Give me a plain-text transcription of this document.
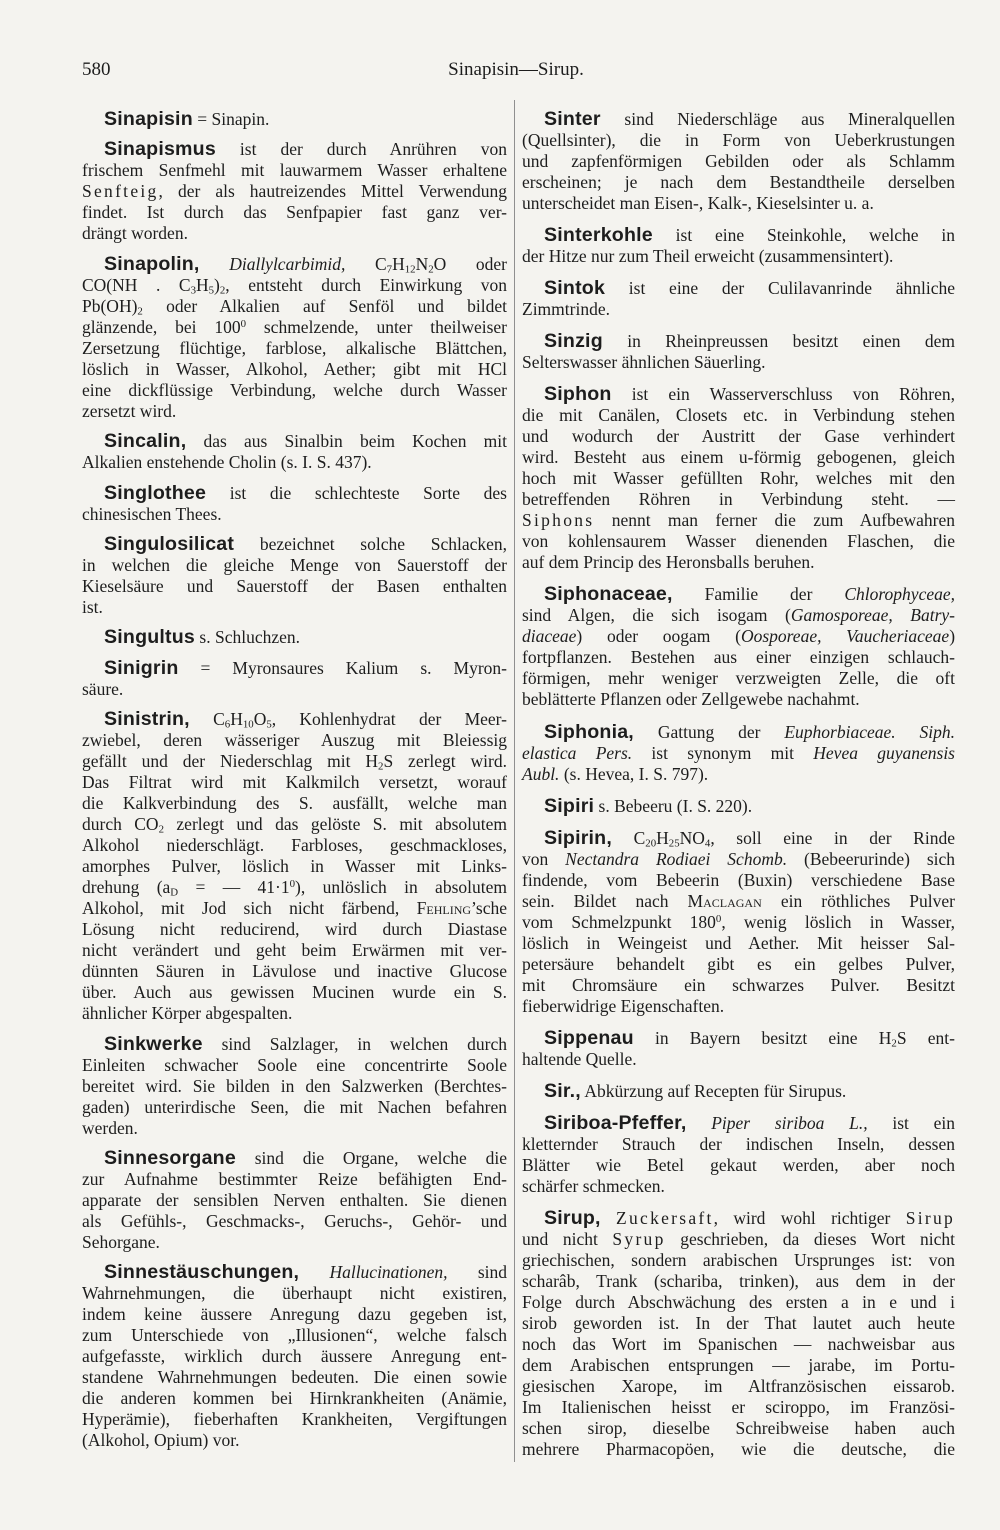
580	Sinapisin—Sirup.
Sinapisin = Sinapin.
Sinapismus ist der durch Anrühren von
frischem Senfmehl mit lauwarmem Wasser erhaltene
Senfteig, der als hautreizendes Mittel Verwendung
findet. Ist durch das Senfpapier fast ganz ver-
drängt worden.
Sinapolin, Diallylcarbimid, $C_7H_{12}N_2O$ oder
CO(NH . $C_3H_5)_2$, entsteht durch Einwirkung von
$Pb(OH)_2$ oder Alkalien auf Senföl und bildet
glänzende, bei $100^0$ schmelzende, unter theilweiser
Zersetzung flüchtige, farblose, alkalische Blättchen,
löslich in Wasser, Alkohol, Aether; gibt mit HCl
eine dickflüssige Verbindung, welche durch Wasser
zersetzt wird.
Sincalin, das aus Sinalbin beim Kochen mit
Alkalien enstehende Cholin (s. I. S. 437).
Singlothee ist die schlechteste Sorte des
chinesischen Thees.
Singulosilicat bezeichnet solche Schlacken,
in welchen die gleiche Menge von Sauerstoff der
Kieselsäure und Sauerstoff der Basen enthalten
ist.
Singultus s. Schluchzen.
Sinigrin = Myronsaures Kalium s. Myron-
säure.
Sinistrin, $C_6H_{10}O_5$, Kohlenhydrat der Meer-
zwiebel, deren wässeriger Auszug mit Bleiessig
gefällt und der Niederschlag mit $H_2S$ zerlegt wird.
Das Filtrat wird mit Kalkmilch versetzt, worauf
die Kalkverbindung des S. ausfällt, welche man
durch $CO_2$ zerlegt und das gelöste S. mit absolutem
Alkohol niederschlägt. Farbloses, geschmackloses,
amorphes Pulver, löslich in Wasser mit Links-
drehung ($a_D$ = — $41\cdot 1^0$), unlöslich in absolutem
Alkohol, mit Jod sich nicht färbend, Fehling’sche
Lösung nicht reducirend, wird durch Diastase
nicht verändert und geht beim Erwärmen mit ver-
dünnten Säuren in Lävulose und inactive Glucose
über. Auch aus gewissen Mucinen wurde ein S.
ähnlicher Körper abgespalten.
Sinkwerke sind Salzlager, in welchen durch
Einleiten schwacher Soole eine concentrirte Soole
bereitet wird. Sie bilden in den Salzwerken (Berchtes-
gaden) unterirdische Seen, die mit Nachen befahren
werden.
Sinnesorgane sind die Organe, welche die
zur Aufnahme bestimmter Reize befähigten End-
apparate der sensiblen Nerven enthalten. Sie dienen
als Gefühls-, Geschmacks-, Geruchs-, Gehör- und
Sehorgane.
Sinnestäuschungen, Hallucinationen, sind
Wahrnehmungen, die überhaupt nicht existiren,
indem keine äussere Anregung dazu gegeben ist,
zum Unterschiede von „Illusionen“, welche falsch
aufgefasste, wirklich durch äussere Anregung ent-
standene Wahrnehmungen bedeuten. Die einen sowie
die anderen kommen bei Hirnkrankheiten (Anämie,
Hyperämie), fieberhaften Krankheiten, Vergiftungen
(Alkohol, Opium) vor.
Sinter sind Niederschläge aus Mineralquellen
(Quellsinter), die in Form von Ueberkrustungen
und zapfenförmigen Gebilden oder als Schlamm
erscheinen; je nach dem Bestandtheile derselben
unterscheidet man Eisen-, Kalk-, Kieselsinter u. a.
Sinterkohle ist eine Steinkohle, welche in
der Hitze nur zum Theil erweicht (zusammensintert).
Sintok ist eine der Culilavanrinde ähnliche
Zimmtrinde.
Sinzig in Rheinpreussen besitzt einen dem
Selterswasser ähnlichen Säuerling.
Siphon ist ein Wasserverschluss von Röhren,
die mit Canälen, Closets etc. in Verbindung stehen
und wodurch der Austritt der Gase verhindert
wird. Besteht aus einem u-förmig gebogenen, gleich
hoch mit Wasser gefüllten Rohr, welches mit den
betreffenden Röhren in Verbindung steht. —
Siphons nennt man ferner die zum Aufbewahren
von kohlensaurem Wasser dienenden Flaschen, die
auf dem Princip des Heronsballs beruhen.
Siphonaceae, Familie der Chlorophyceae,
sind Algen, die sich isogam (Gamosporeae, Batry-
diaceae) oder oogam (Oosporeae, Vaucheriaceae)
fortpflanzen. Bestehen aus einer einzigen schlauch-
förmigen, mehr weniger verzweigten Zelle, die oft
beblätterte Pflanzen oder Zellgewebe nachahmt.
Siphonia, Gattung der Euphorbiaceae. Siph.
elastica Pers. ist synonym mit Hevea guyanensis
Aubl. (s. Hevea, I. S. 797).
Sipiri s. Bebeeru (I. S. 220).
Sipirin, $C_{20}H_{25}NO_4$, soll eine in der Rinde
von Nectandra Rodiaei Schomb. (Bebeerurinde) sich
findende, vom Bebeerin (Buxin) verschiedene Base
sein. Bildet nach Maclagan ein röthliches Pulver
vom Schmelzpunkt $180^0$, wenig löslich in Wasser,
löslich in Weingeist und Aether. Mit heisser Sal-
petersäure behandelt gibt es ein gelbes Pulver,
mit Chromsäure ein schwarzes Pulver. Besitzt
fieberwidrige Eigenschaften.
Sippenau in Bayern besitzt eine $H_2S$ ent-
haltende Quelle.
Sir., Abkürzung auf Recepten für Sirupus.
Siriboa-Pfeffer, Piper siriboa L., ist ein
kletternder Strauch der indischen Inseln, dessen
Blätter wie Betel gekaut werden, aber noch
schärfer schmecken.
Sirup, Zuckersaft, wird wohl richtiger Sirup
und nicht Syrup geschrieben, da dieses Wort nicht
griechischen, sondern arabischen Ursprunges ist: von
scharâb, Trank (schariba, trinken), aus dem in der
Folge durch Abschwächung des ersten a in e und i
sirob geworden ist. In der That lautet auch heute
noch das Wort im Spanischen — nachweisbar aus
dem Arabischen entsprungen — jarabe, im Portu-
giesischen Xarope, im Altfranzösischen eissarob.
Im Italienischen heisst er sciroppo, im Französi-
schen sirop, dieselbe Schreibweise haben auch
mehrere Pharmacopöen, wie die deutsche, die
